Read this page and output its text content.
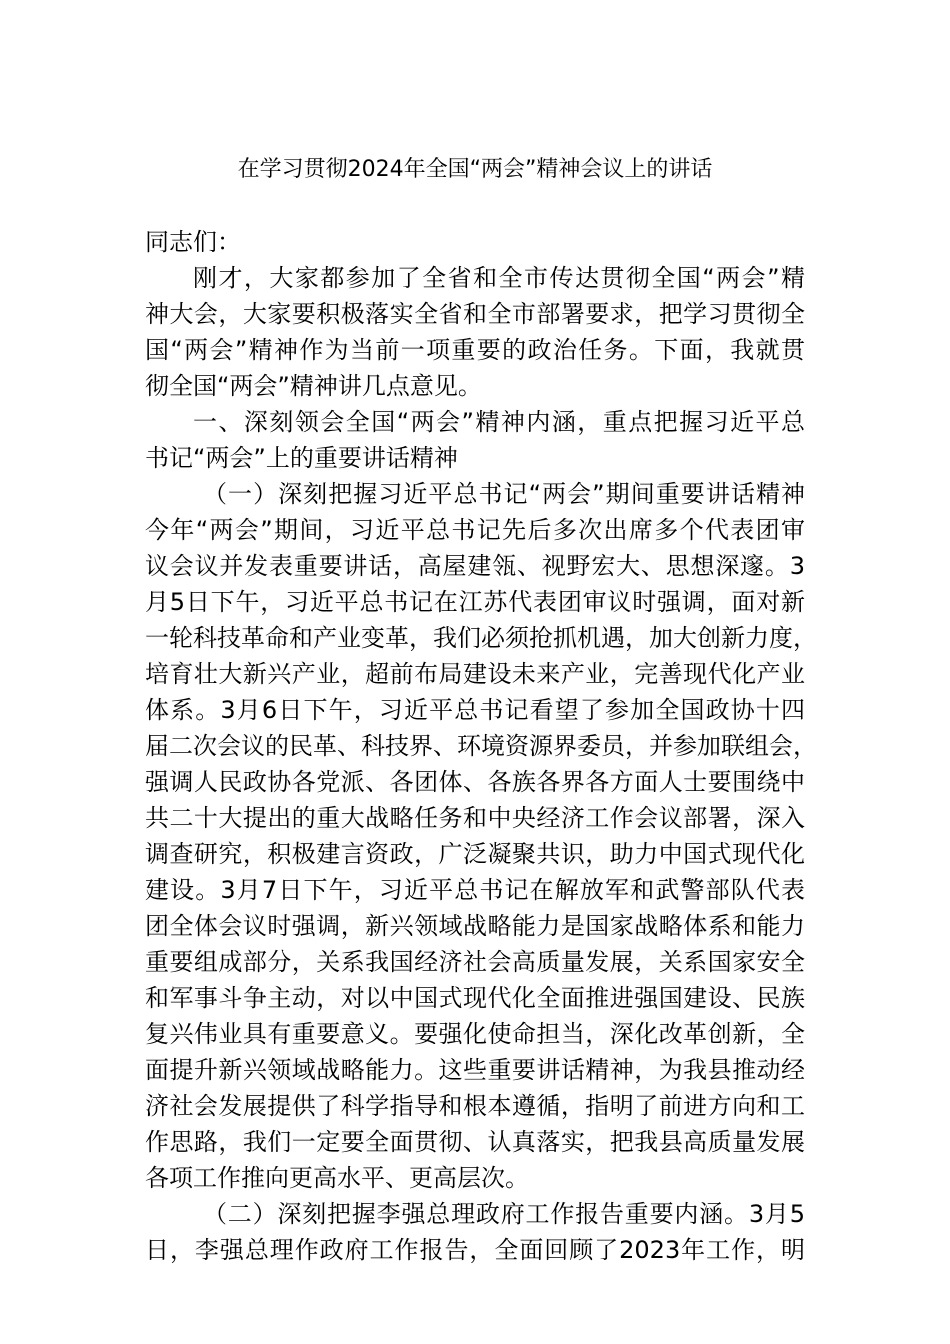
在学习贯彻2024年全国“两会”精神会议上的讲话
同志们：
刚才，大家都参加了全省和全市传达贯彻全国“两会”精
神大会，大家要积极落实全省和全市部署要求，把学习贯彻全
国“两会”精神作为当前一项重要的政治任务。下面，我就贯
彻全国“两会”精神讲几点意见。
一、深刻领会全国“两会”精神内涵，重点把握习近平总
书记“两会”上的重要讲话精神
（一）深刻把握习近平总书记“两会”期间重要讲话精神
今年“两会”期间，习近平总书记先后多次出席多个代表团审
议会议并发表重要讲话，高屋建瓴、视野宏大、思想深邃。3
月5日下午，习近平总书记在江苏代表团审议时强调，面对新
一轮科技革命和产业变革，我们必须抢抓机遇，加大创新力度，
培育壮大新兴产业，超前布局建设未来产业，完善现代化产业
体系。3月6日下午，习近平总书记看望了参加全国政协十四
届二次会议的民革、科技界、环境资源界委员，并参加联组会，
强调人民政协各党派、各团体、各族各界各方面人士要围绕中
共二十大提出的重大战略任务和中央经济工作会议部署，深入
调查研究，积极建言资政，广泛凝聚共识，助力中国式现代化
建设。3月7日下午，习近平总书记在解放军和武警部队代表
团全体会议时强调，新兴领域战略能力是国家战略体系和能力
重要组成部分，关系我国经济社会高质量发展，关系国家安全
和军事斗争主动，对以中国式现代化全面推进强国建设、民族
复兴伟业具有重要意义。要强化使命担当，深化改革创新，全
面提升新兴领域战略能力。这些重要讲话精神，为我县推动经
济社会发展提供了科学指导和根本遵循，指明了前进方向和工
作思路，我们一定要全面贯彻、认真落实，把我县高质量发展
各项工作推向更高水平、更高层次。
（二）深刻把握李强总理政府工作报告重要内涵。3月5
日，李强总理作政府工作报告，全面回顾了2023年工作，明
